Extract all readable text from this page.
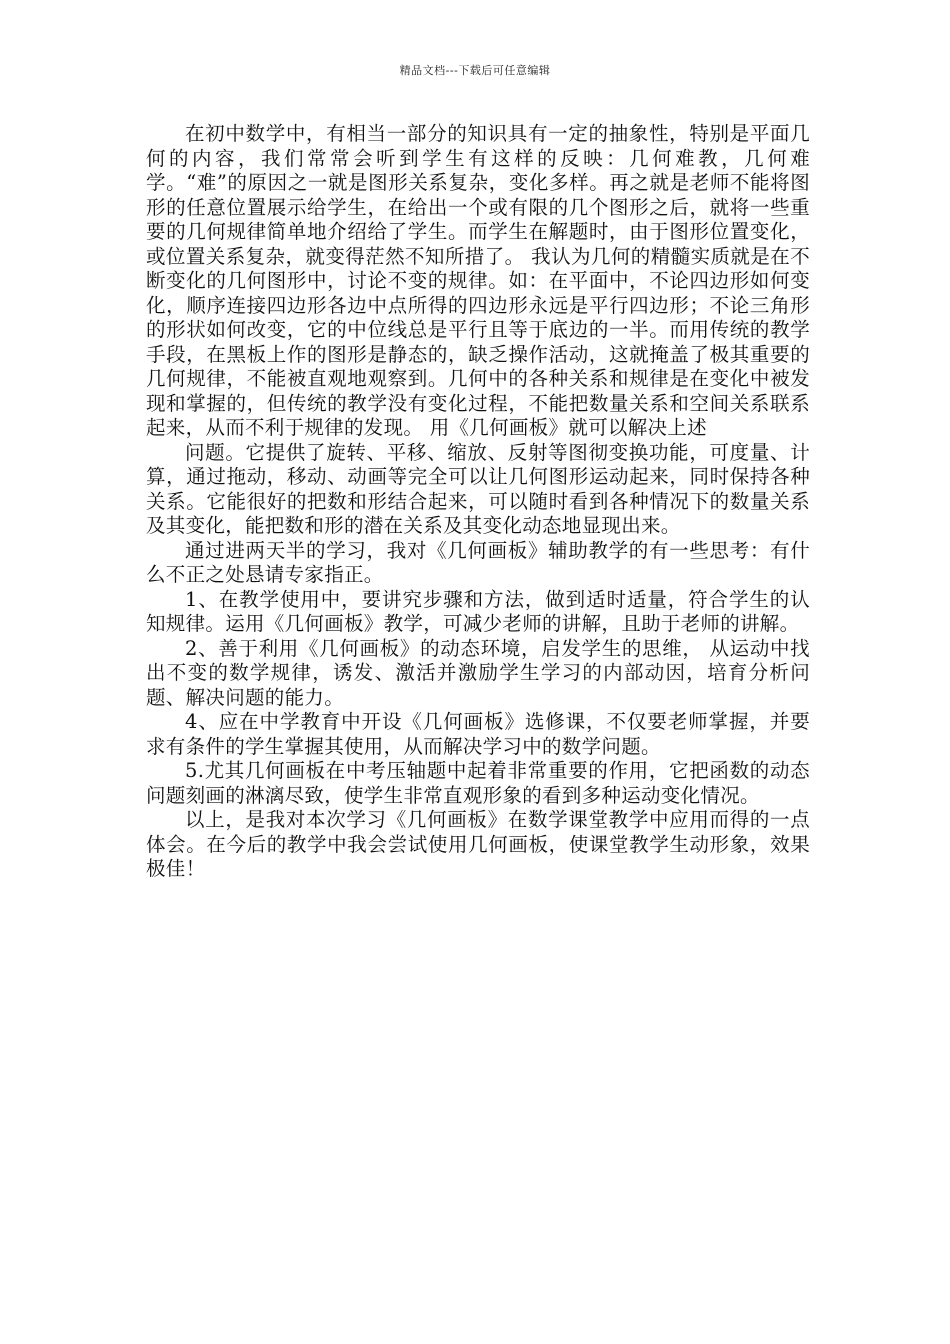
精品文档---下载后可任意编辑

在初中数学中，有相当一部分的知识具有一定的抽象性，特别是平面几何的内容，我们常常会听到学生有这样的反映：几何难教，几何难学。“难”的原因之一就是图形关系复杂，变化多样。再之就是老师不能将图形的任意位置展示给学生，在给出一个或有限的几个图形之后，就将一些重要的几何规律简单地介绍给了学生。而学生在解题时，由于图形位置变化，或位置关系复杂，就变得茫然不知所措了。 我认为几何的精髓实质就是在不断变化的几何图形中，讨论不变的规律。如：在平面中，不论四边形如何变化，顺序连接四边形各边中点所得的四边形永远是平行四边形；不论三角形的形状如何改变，它的中位线总是平行且等于底边的一半。而用传统的教学手段，在黑板上作的图形是静态的，缺乏操作活动，这就掩盖了极其重要的几何规律，不能被直观地观察到。几何中的各种关系和规律是在变化中被发现和掌握的，但传统的教学没有变化过程，不能把数量关系和空间关系联系起来，从而不利于规律的发现。 用《几何画板》就可以解决上述

问题。它提供了旋转、平移、缩放、反射等图彻变换功能，可度量、计算，通过拖动，移动、动画等完全可以让几何图形运动起来，同时保持各种关系。它能很好的把数和形结合起来，可以随时看到各种情况下的数量关系及其变化，能把数和形的潜在关系及其变化动态地显现出来。

通过进两天半的学习，我对《几何画板》辅助教学的有一些思考：有什么不正之处恳请专家指正。

1、在教学使用中，要讲究步骤和方法，做到适时适量，符合学生的认知规律。运用《几何画板》教学，可减少老师的讲解，且助于老师的讲解。

2、善于利用《几何画板》的动态环境，启发学生的思维， 从运动中找出不变的数学规律，诱发、激活并激励学生学习的内部动因，培育分析问题、解决问题的能力。

4、应在中学教育中开设《几何画板》选修课，不仅要老师掌握，并要求有条件的学生掌握其使用，从而解决学习中的数学问题。

5.尤其几何画板在中考压轴题中起着非常重要的作用，它把函数的动态问题刻画的淋漓尽致，使学生非常直观形象的看到多种运动变化情况。

以上，是我对本次学习《几何画板》在数学课堂教学中应用而得的一点体会。在今后的教学中我会尝试使用几何画板，使课堂教学生动形象，效果极佳！
